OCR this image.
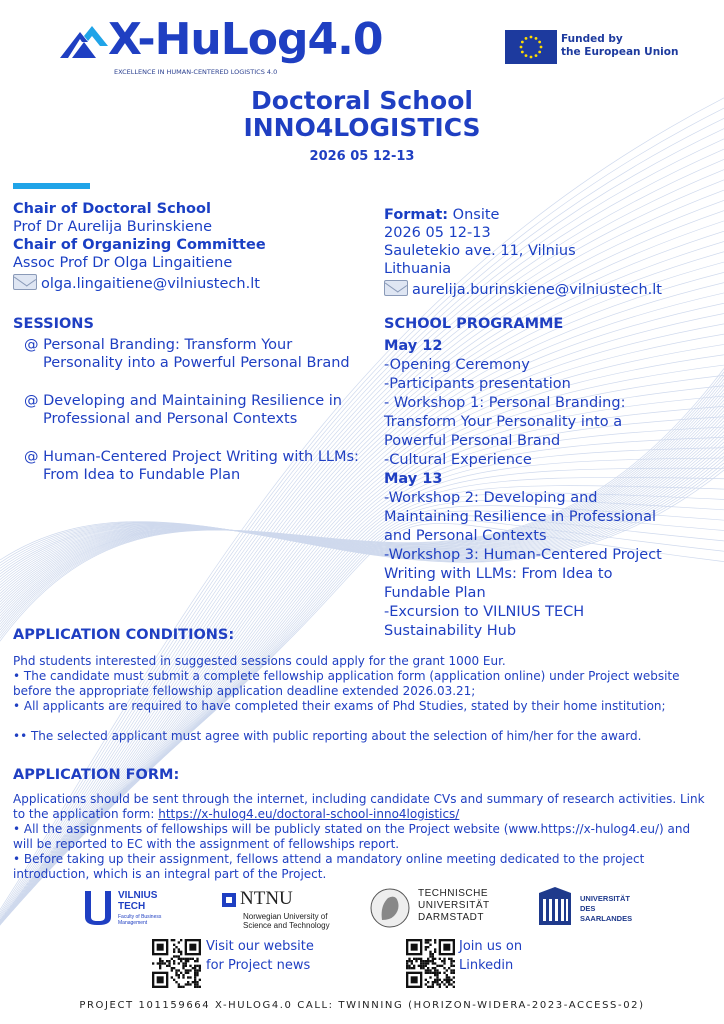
X-HuLog4.0
EXCELLENCE IN HUMAN-CENTERED LOGISTICS 4.0
Funded by
the European Union
Doctoral School
INNO4LOGISTICS
2026 05 12-13
Chair of Doctoral School
Prof Dr Aurelija Burinskiene
Chair of Organizing Committee
Assoc Prof Dr Olga Lingaitiene
olga.lingaitiene@vilniustech.lt
Format: Onsite
2026 05 12-13
Sauletekio ave. 11, Vilnius
Lithuania
aurelija.burinskiene@vilniustech.lt
SESSIONS
@ Personal Branding: Transform Your Personality into a Powerful Personal Brand
@ Developing and Maintaining Resilience in Professional and Personal Contexts
@ Human-Centered Project Writing with LLMs: From Idea to Fundable Plan
SCHOOL PROGRAMME
May 12
-Opening Ceremony
-Participants presentation
- Workshop 1: Personal Branding:
Transform Your Personality into a
Powerful Personal Brand
-Cultural Experience
May 13
-Workshop 2: Developing and
Maintaining Resilience in Professional
and Personal Contexts
-Workshop 3: Human-Centered Project
Writing with LLMs: From Idea to
Fundable Plan
-Excursion to VILNIUS TECH
Sustainability Hub
APPLICATION CONDITIONS:
Phd students interested in suggested sessions could apply for the grant 1000 Eur.
• The candidate must submit a complete fellowship application form (application online) under Project website before the appropriate fellowship application deadline extended 2026.03.21;
• All applicants are required to have completed their exams of Phd Studies, stated by their home institution;
•• The selected applicant must agree with public reporting about the selection of him/her for the award.
APPLICATION FORM:
Applications should be sent through the internet, including candidate CVs and summary of research activities. Link to the application form: https://x-hulog4.eu/doctoral-school-inno4logistics/
• All the assignments of fellowships will be publicly stated on the Project website (www.https://x-hulog4.eu/) and will be reported to EC with the assignment of fellowships report.
• Before taking up their assignment, fellows attend a mandatory online meeting dedicated to the project introduction, which is an integral part of the Project.
VILNIUS
TECH
Faculty of Business
Management
NTNU
Norwegian University of
Science and Technology
TECHNISCHE
UNIVERSITÄT
DARMSTADT
UNIVERSITÄT
DES
SAARLANDES
Visit our website
for Project news
Join us on
Linkedin
PROJECT 101159664 X-HULOG4.0 CALL: TWINNING (HORIZON-WIDERA-2023-ACCESS-02)
